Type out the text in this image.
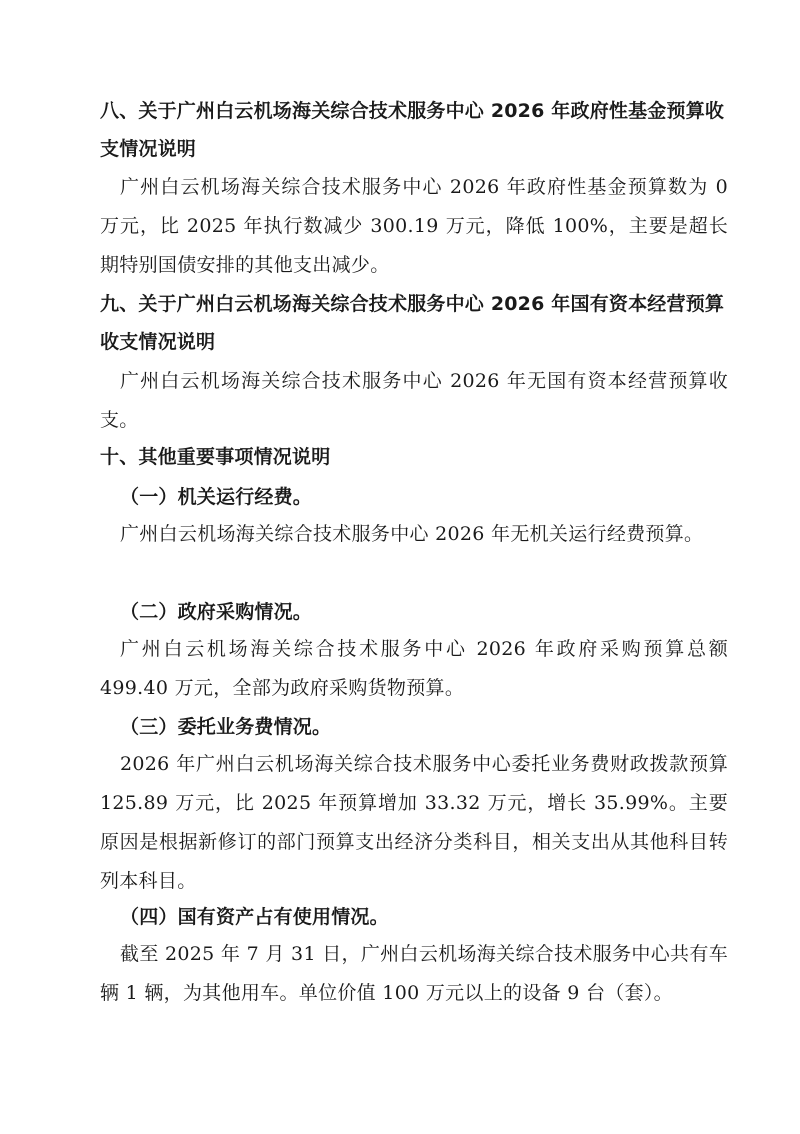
八、关于广州白云机场海关综合技术服务中心 2026 年政府性基金预算收支情况说明

广州白云机场海关综合技术服务中心 2026 年政府性基金预算数为 0 万元，比 2025 年执行数减少 300.19 万元，降低 100%，主要是超长期特别国债安排的其他支出减少。

九、关于广州白云机场海关综合技术服务中心 2026 年国有资本经营预算收支情况说明

广州白云机场海关综合技术服务中心 2026 年无国有资本经营预算收支。

十、其他重要事项情况说明

（一）机关运行经费。

广州白云机场海关综合技术服务中心 2026 年无机关运行经费预算。

（二）政府采购情况。

广州白云机场海关综合技术服务中心 2026 年政府采购预算总额 499.40 万元，全部为政府采购货物预算。

（三）委托业务费情况。

2026 年广州白云机场海关综合技术服务中心委托业务费财政拨款预算 125.89 万元，比 2025 年预算增加 33.32 万元，增长 35.99%。主要原因是根据新修订的部门预算支出经济分类科目，相关支出从其他科目转列本科目。

（四）国有资产占有使用情况。

截至 2025 年 7 月 31 日，广州白云机场海关综合技术服务中心共有车辆 1 辆，为其他用车。单位价值 100 万元以上的设备 9 台（套）。
